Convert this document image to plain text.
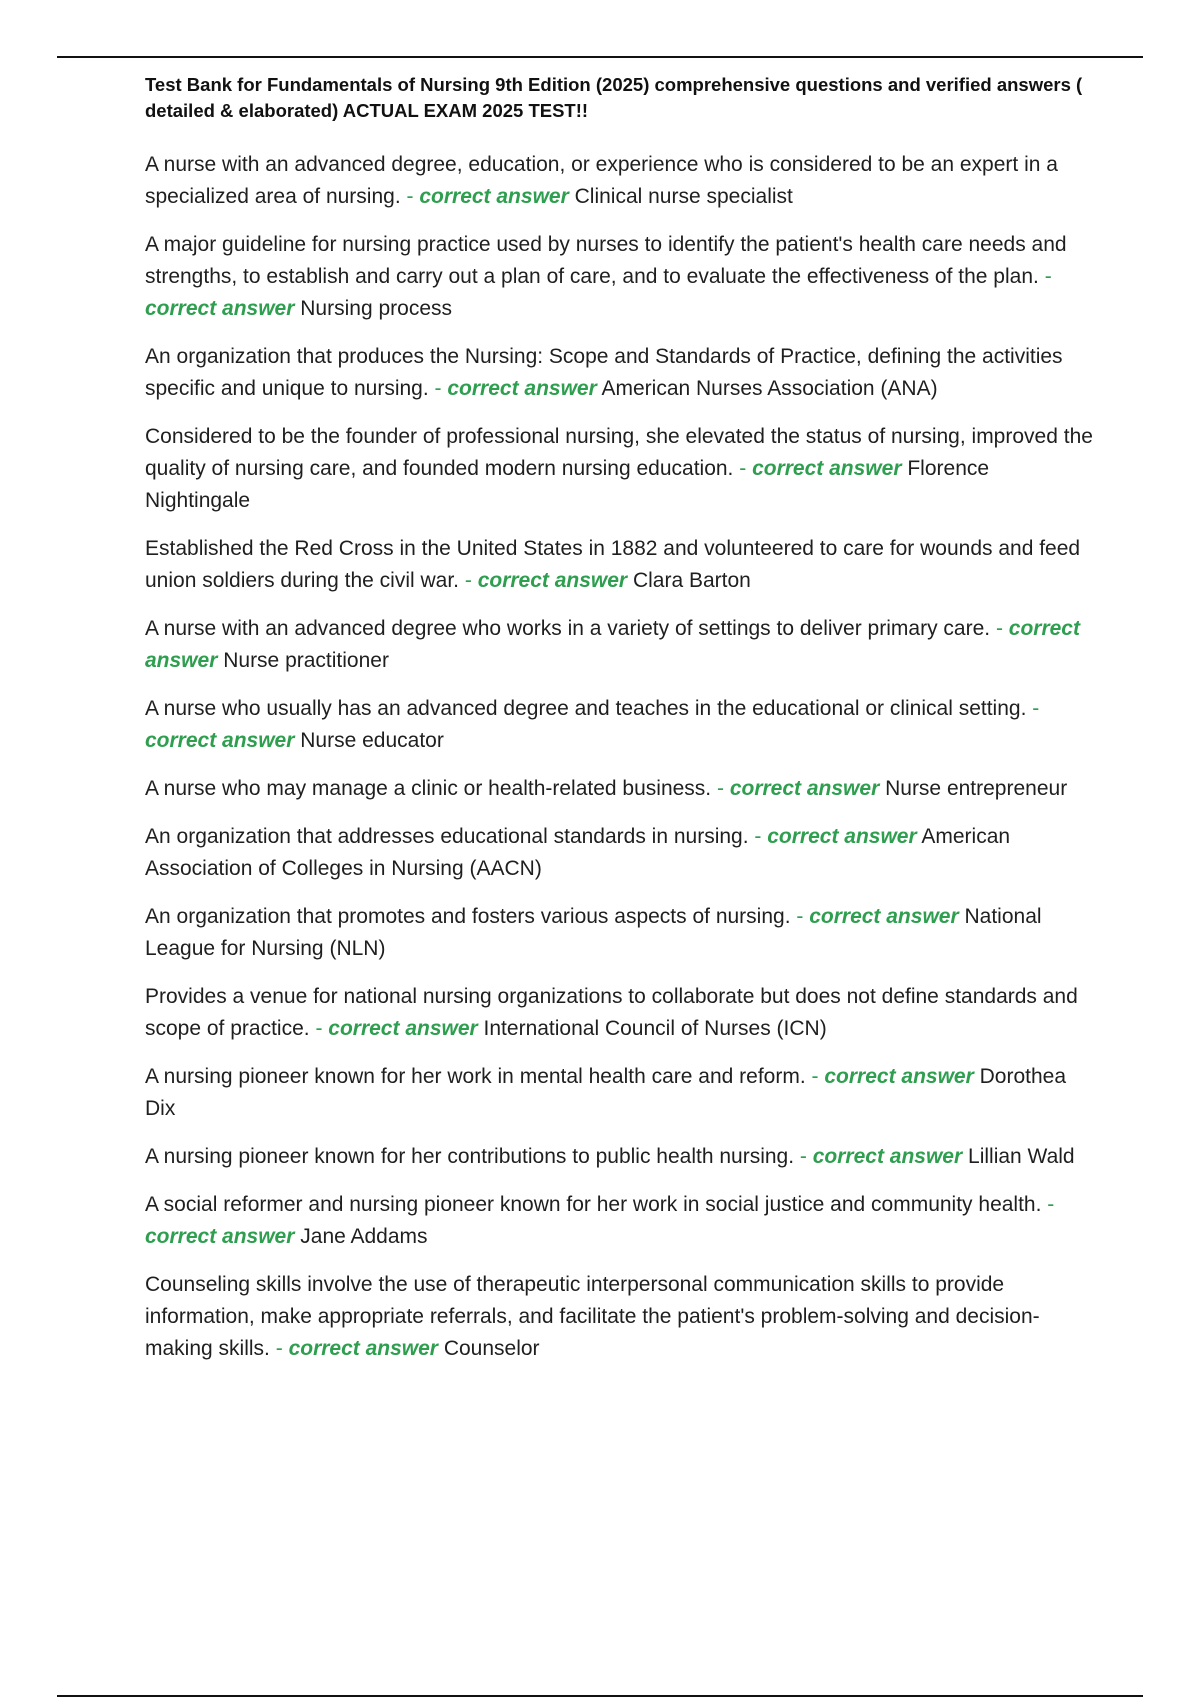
Test Bank for Fundamentals of Nursing 9th Edition (2025) comprehensive questions and verified answers ( detailed & elaborated) ACTUAL EXAM 2025 TEST!!
A nurse with an advanced degree, education, or experience who is considered to be an expert in a specialized area of nursing. - correct answer Clinical nurse specialist
A major guideline for nursing practice used by nurses to identify the patient's health care needs and strengths, to establish and carry out a plan of care, and to evaluate the effectiveness of the plan. - correct answer Nursing process
An organization that produces the Nursing: Scope and Standards of Practice, defining the activities specific and unique to nursing. - correct answer American Nurses Association (ANA)
Considered to be the founder of professional nursing, she elevated the status of nursing, improved the quality of nursing care, and founded modern nursing education. - correct answer Florence Nightingale
Established the Red Cross in the United States in 1882 and volunteered to care for wounds and feed union soldiers during the civil war. - correct answer Clara Barton
A nurse with an advanced degree who works in a variety of settings to deliver primary care. - correct answer Nurse practitioner
A nurse who usually has an advanced degree and teaches in the educational or clinical setting. - correct answer Nurse educator
A nurse who may manage a clinic or health-related business. - correct answer Nurse entrepreneur
An organization that addresses educational standards in nursing. - correct answer American Association of Colleges in Nursing (AACN)
An organization that promotes and fosters various aspects of nursing. - correct answer National League for Nursing (NLN)
Provides a venue for national nursing organizations to collaborate but does not define standards and scope of practice. - correct answer International Council of Nurses (ICN)
A nursing pioneer known for her work in mental health care and reform. - correct answer Dorothea Dix
A nursing pioneer known for her contributions to public health nursing. - correct answer Lillian Wald
A social reformer and nursing pioneer known for her work in social justice and community health. - correct answer Jane Addams
Counseling skills involve the use of therapeutic interpersonal communication skills to provide information, make appropriate referrals, and facilitate the patient's problem-solving and decision-making skills. - correct answer Counselor
